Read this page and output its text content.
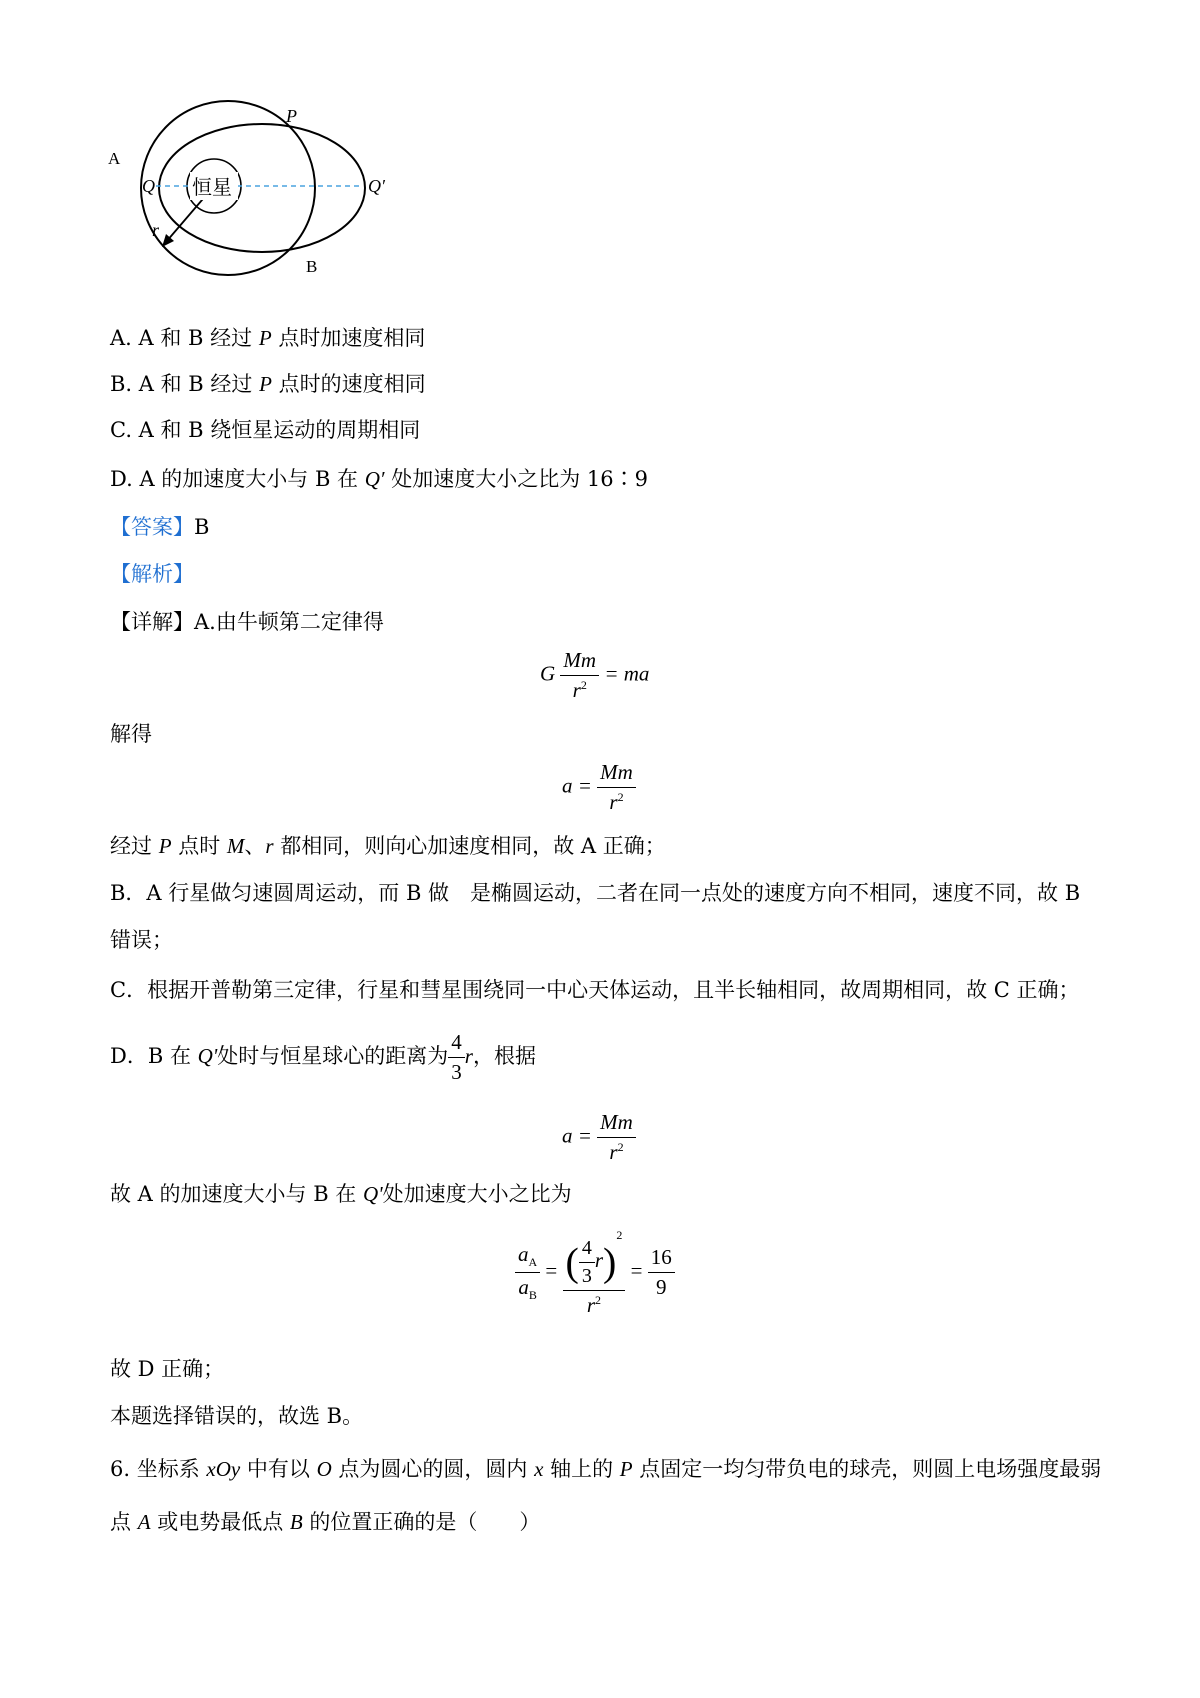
恒星
A
P
Q	Q′
r
B
A. A 和 B 经过 P 点时加速度相同
B. A 和 B 经过 P 点时的速度相同
C. A 和 B 绕恒星运动的周期相同
D. A 的加速度大小与 B 在 Q′ 处加速度大小之比为 16∶9
【答案】B
【解析】
【详解】A.由牛顿第二定律得
G $\frac{Mm}{r^2}$ = ma
解得
$a = \frac{Mm}{r^2}$
经过 P 点时 M、r 都相同，则向心加速度相同，故 A 正确；
B．A 行星做匀速圆周运动，而 B 做　是椭圆运动，二者在同一点处的速度方向不相同，速度不同，故 B
错误；
C．根据开普勒第三定律，行星和彗星围绕同一中心天体运动，且半长轴相同，故周期相同，故 C 正确；
D．B 在 Q'处时与恒星球心的距离为 $\frac{4}{3}$ r，根据
$a = \frac{Mm}{r^2}$
故 A 的加速度大小与 B 在 Q'处加速度大小之比为
$\frac{a_A}{a_B} = \frac{( \frac{4}{3} r)^2}{r^2} = \frac{16}{9}$
故 D 正确；
本题选择错误的，故选 B。
6. 坐标系 xOy 中有以 O 点为圆心的圆，圆内 x 轴上的 P 点固定一均匀带负电的球壳，则圆上电场强度最弱
点 A 或电势最低点 B 的位置正确的是（　　）
